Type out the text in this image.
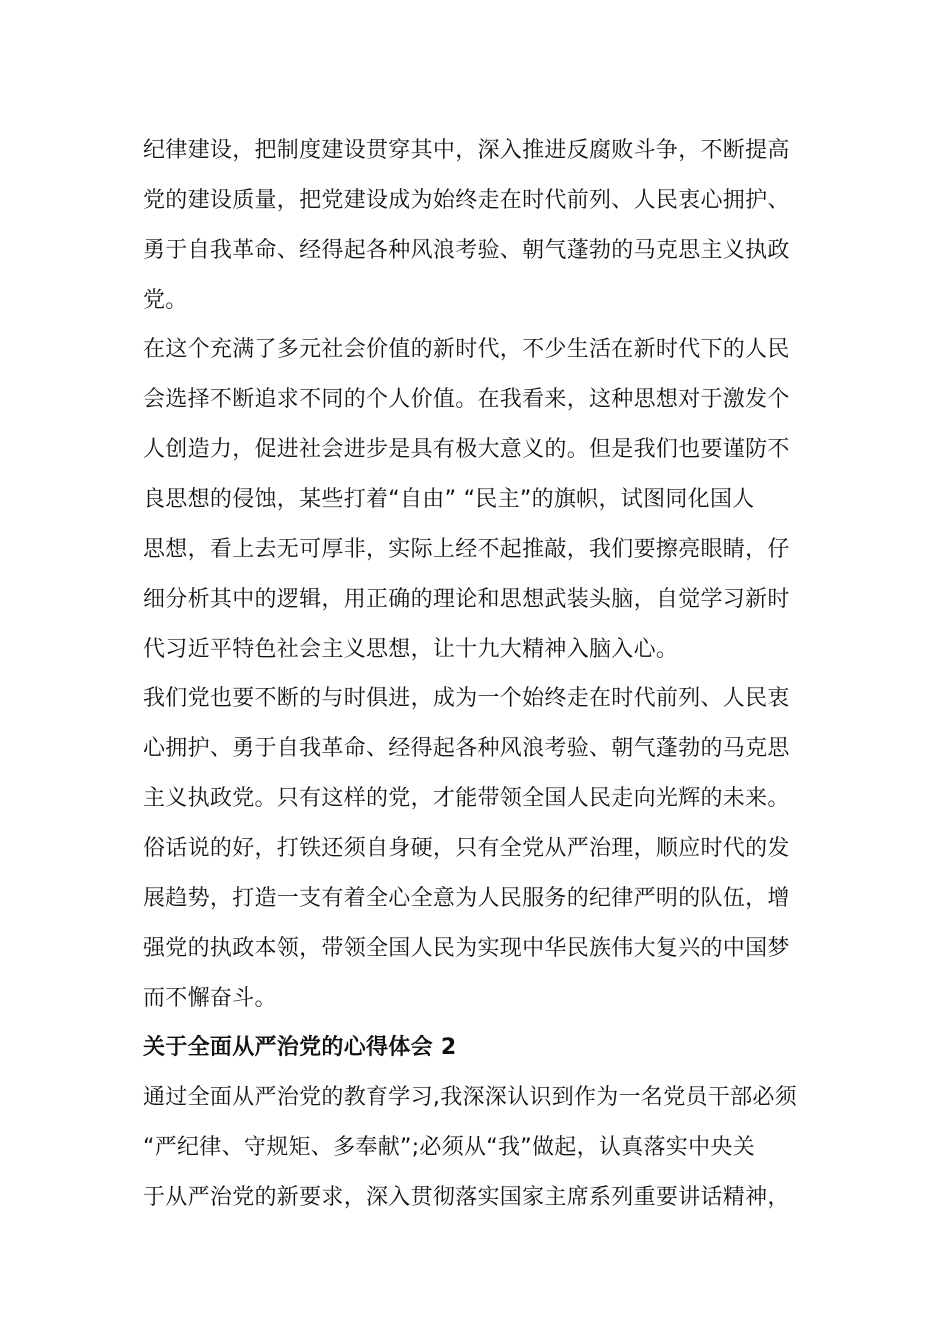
纪律建设，把制度建设贯穿其中，深入推进反腐败斗争，不断提高
党的建设质量，把党建设成为始终走在时代前列、人民衷心拥护、
勇于自我革命、经得起各种风浪考验、朝气蓬勃的马克思主义执政
党。
在这个充满了多元社会价值的新时代，不少生活在新时代下的人民
会选择不断追求不同的个人价值。在我看来，这种思想对于激发个
人创造力，促进社会进步是具有极大意义的。但是我们也要谨防不
良思想的侵蚀，某些打着“自由” “民主”的旗帜，试图同化国人
思想，看上去无可厚非，实际上经不起推敲，我们要擦亮眼睛，仔
细分析其中的逻辑，用正确的理论和思想武装头脑，自觉学习新时
代习近平特色社会主义思想，让十九大精神入脑入心。
我们党也要不断的与时俱进，成为一个始终走在时代前列、人民衷
心拥护、勇于自我革命、经得起各种风浪考验、朝气蓬勃的马克思
主义执政党。只有这样的党，才能带领全国人民走向光辉的未来。
俗话说的好，打铁还须自身硬，只有全党从严治理，顺应时代的发
展趋势，打造一支有着全心全意为人民服务的纪律严明的队伍，增
强党的执政本领，带领全国人民为实现中华民族伟大复兴的中国梦
而不懈奋斗。
关于全面从严治党的心得体会 2
通过全面从严治党的教育学习,我深深认识到作为一名党员干部必须
“严纪律、守规矩、多奉献”;必须从“我”做起，认真落实中央关
于从严治党的新要求，深入贯彻落实国家主席系列重要讲话精神，
